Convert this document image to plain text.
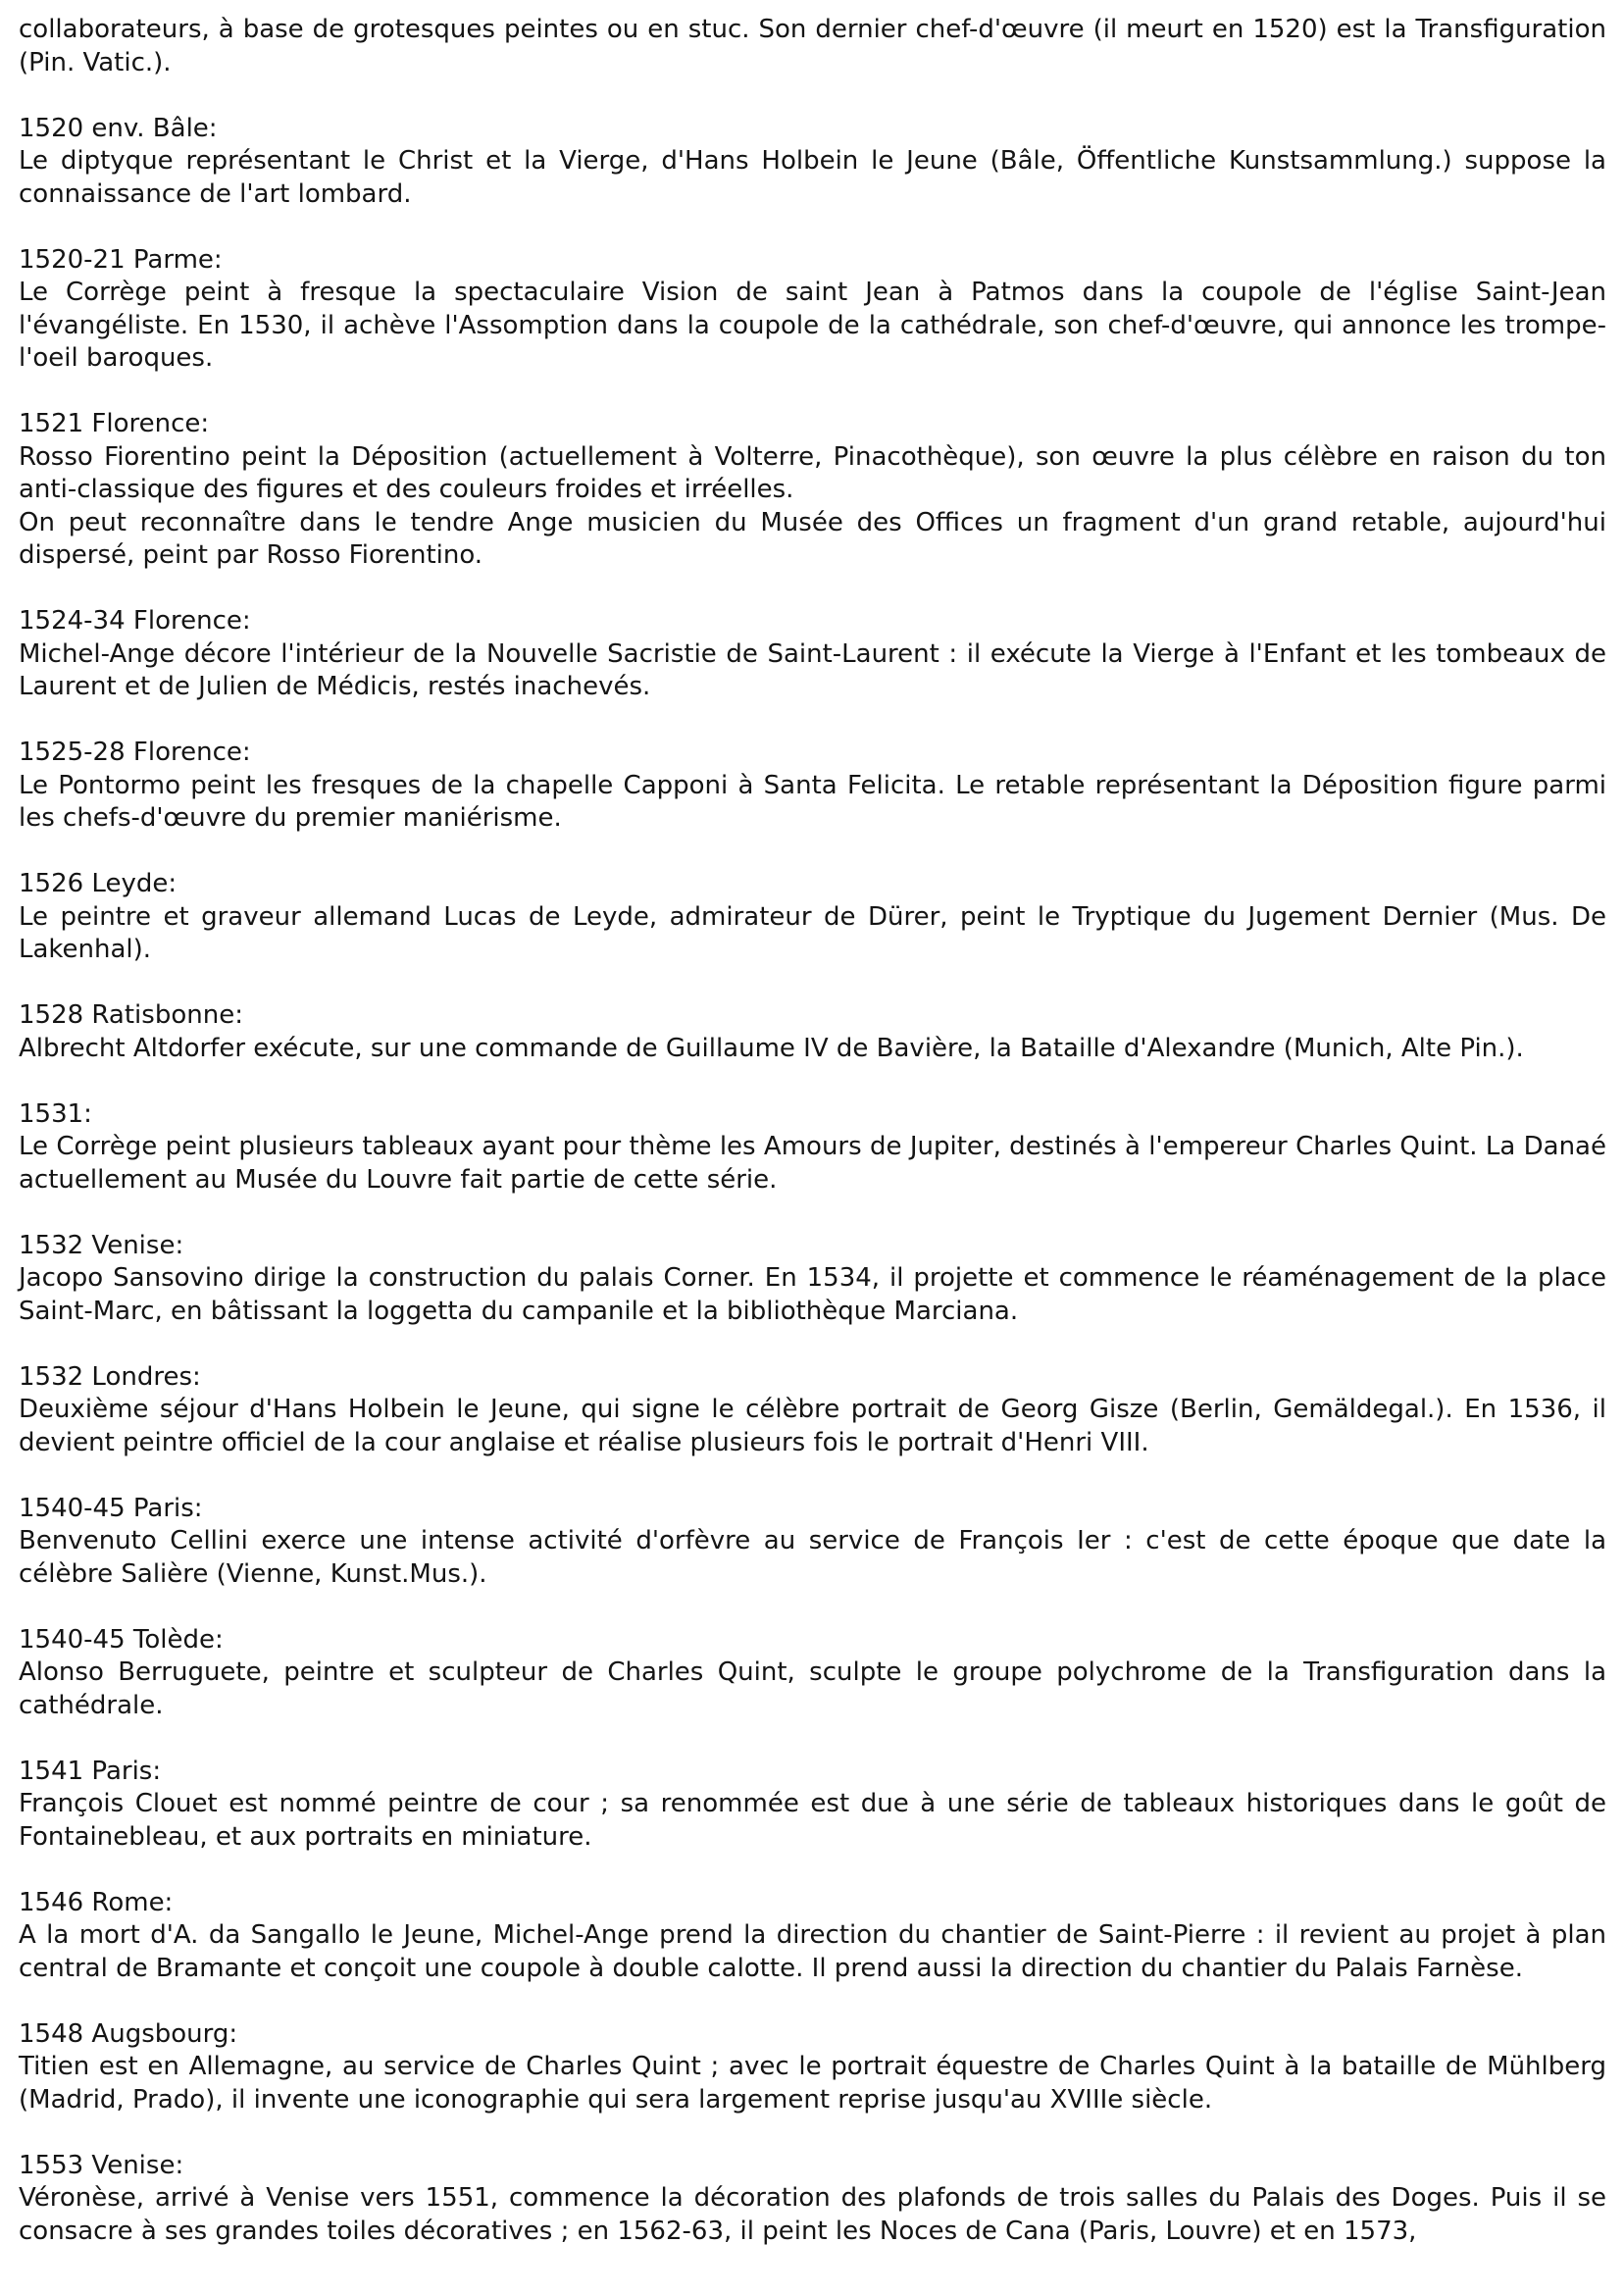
collaborateurs, à base de grotesques peintes ou en stuc. Son dernier chef-d'œuvre (il meurt en 1520) est la Transfiguration (Pin. Vatic.).
1520 env. Bâle:
Le diptyque représentant le Christ et la Vierge, d'Hans Holbein le Jeune (Bâle, Öffentliche Kunstsammlung.) suppose la connaissance de l'art lombard.
1520-21 Parme:
Le Corrège peint à fresque la spectaculaire Vision de saint Jean à Patmos dans la coupole de l'église Saint-Jean l'évangéliste. En 1530, il achève l'Assomption dans la coupole de la cathédrale, son chef-d'œuvre, qui annonce les trompe-l'oeil baroques.
1521 Florence:
Rosso Fiorentino peint la Déposition (actuellement à Volterre, Pinacothèque), son œuvre la plus célèbre en raison du ton anti-classique des figures et des couleurs froides et irréelles.
On peut reconnaître dans le tendre Ange musicien du Musée des Offices un fragment d'un grand retable, aujourd'hui dispersé, peint par Rosso Fiorentino.
1524-34 Florence:
Michel-Ange décore l'intérieur de la Nouvelle Sacristie de Saint-Laurent : il exécute la Vierge à l'Enfant et les tombeaux de Laurent et de Julien de Médicis, restés inachevés.
1525-28 Florence:
Le Pontormo peint les fresques de la chapelle Capponi à Santa Felicita. Le retable représentant la Déposition figure parmi les chefs-d'œuvre du premier maniérisme.
1526 Leyde:
Le peintre et graveur allemand Lucas de Leyde, admirateur de Dürer, peint le Tryptique du Jugement Dernier (Mus. De Lakenhal).
1528 Ratisbonne:
Albrecht Altdorfer exécute, sur une commande de Guillaume IV de Bavière, la Bataille d'Alexandre (Munich, Alte Pin.).
1531:
Le Corrège peint plusieurs tableaux ayant pour thème les Amours de Jupiter, destinés à l'empereur Charles Quint. La Danaé actuellement au Musée du Louvre fait partie de cette série.
1532 Venise:
Jacopo Sansovino dirige la construction du palais Corner. En 1534, il projette et commence le réaménagement de la place Saint-Marc, en bâtissant la loggetta du campanile et la bibliothèque Marciana.
1532 Londres:
Deuxième séjour d'Hans Holbein le Jeune, qui signe le célèbre portrait de Georg Gisze (Berlin, Gemäldegal.). En 1536, il devient peintre officiel de la cour anglaise et réalise plusieurs fois le portrait d'Henri VIII.
1540-45 Paris:
Benvenuto Cellini exerce une intense activité d'orfèvre au service de François Ier : c'est de cette époque que date la célèbre Salière (Vienne, Kunst.Mus.).
1540-45 Tolède:
Alonso Berruguete, peintre et sculpteur de Charles Quint, sculpte le groupe polychrome de la Transfiguration dans la cathédrale.
1541 Paris:
François Clouet est nommé peintre de cour ; sa renommée est due à une série de tableaux historiques dans le goût de Fontainebleau, et aux portraits en miniature.
1546 Rome:
A la mort d'A. da Sangallo le Jeune, Michel-Ange prend la direction du chantier de Saint-Pierre : il revient au projet à plan central de Bramante et conçoit une coupole à double calotte. Il prend aussi la direction du chantier du Palais Farnèse.
1548 Augsbourg:
Titien est en Allemagne, au service de Charles Quint ; avec le portrait équestre de Charles Quint à la bataille de Mühlberg (Madrid, Prado), il invente une iconographie qui sera largement reprise jusqu'au XVIIIe siècle.
1553 Venise:
Véronèse, arrivé à Venise vers 1551, commence la décoration des plafonds de trois salles du Palais des Doges. Puis il se consacre à ses grandes toiles décoratives ; en 1562-63, il peint les Noces de Cana (Paris, Louvre) et en 1573,
